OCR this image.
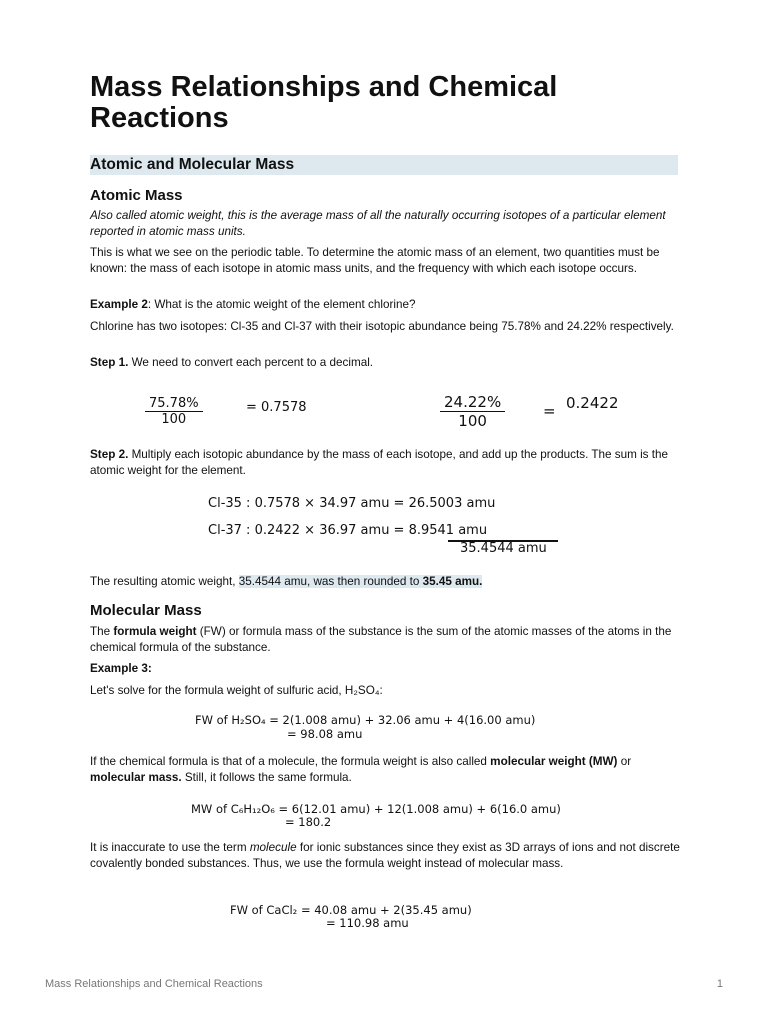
Mass Relationships and Chemical Reactions
Atomic and Molecular Mass
Atomic Mass

Also called atomic weight, this is the average mass of all the naturally occurring isotopes of a particular element reported in atomic mass units.

This is what we see on the periodic table. To determine the atomic mass of an element, two quantities must be known: the mass of each isotope in atomic mass units, and the frequency with which each isotope occurs.

Example 2: What is the atomic weight of the element chlorine?

Chlorine has two isotopes: Cl-35 and Cl-37 with their isotopic abundance being 75.78% and 24.22% respectively.

Step 1. We need to convert each percent to a decimal.

$\frac{75.78\%}{100}$	= 0.7578	$\frac{24.22\%}{100}$	= 0.2422

Step 2. Multiply each isotopic abundance by the mass of each isotope, and add up the products. The sum is the atomic weight for the element.

Cl-35 : 0.7578 × 34.97 amu = 26.5003 amu
Cl-37 : 0.2422 × 36.97 amu = 8.9541 amu
35.4544 amu

The resulting atomic weight, 35.4544 amu, was then rounded to 35.45 amu.

Molecular Mass

The formula weight (FW) or formula mass of the substance is the sum of the atomic masses of the atoms in the chemical formula of the substance.

Example 3:

Let's solve for the formula weight of sulfuric acid, H₂SO₄:

FW of H₂SO₄ = 2(1.008 amu) + 32.06 amu + 4(16.00 amu)
= 98.08 amu

If the chemical formula is that of a molecule, the formula weight is also called molecular weight (MW) or molecular mass. Still, it follows the same formula.

MW of C₆H₁₂O₆ = 6(12.01 amu) + 12(1.008 amu) + 6(16.0 amu)
= 180.2

It is inaccurate to use the term molecule for ionic substances since they exist as 3D arrays of ions and not discrete covalently bonded substances. Thus, we use the formula weight instead of molecular mass.

FW of CaCl₂ = 40.08 amu + 2(35.45 amu)
= 110.98 amu
Mass Relationships and Chemical Reactions	1
